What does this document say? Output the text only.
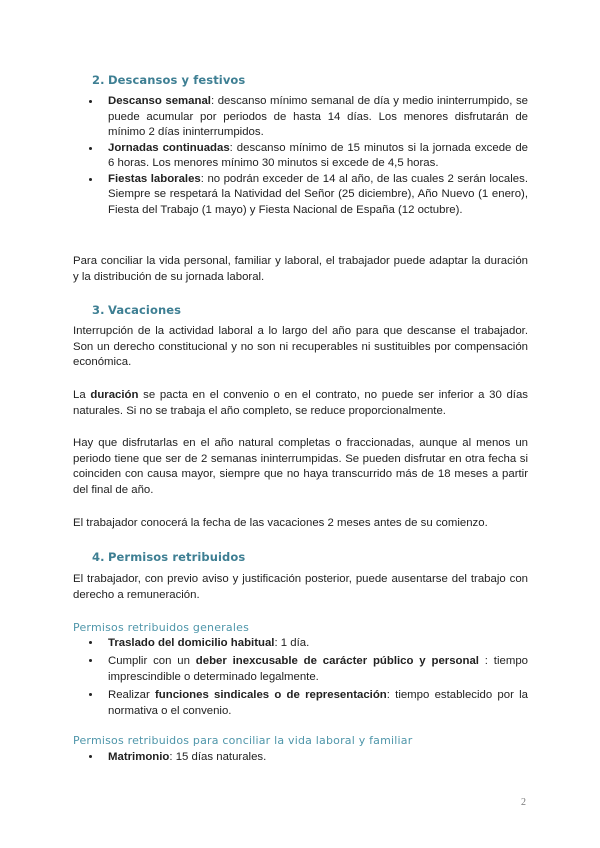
2. Descansos y festivos
Descanso semanal: descanso mínimo semanal de día y medio ininterrumpido, se puede acumular por periodos de hasta 14 días. Los menores disfrutarán de mínimo 2 días ininterrumpidos.
Jornadas continuadas: descanso mínimo de 15 minutos si la jornada excede de 6 horas. Los menores mínimo 30 minutos si excede de 4,5 horas.
Fiestas laborales: no podrán exceder de 14 al año, de las cuales 2 serán locales. Siempre se respetará la Natividad del Señor (25 diciembre), Año Nuevo (1 enero), Fiesta del Trabajo (1 mayo) y Fiesta Nacional de España (12 octubre).

Para conciliar la vida personal, familiar y laboral, el trabajador puede adaptar la duración y la distribución de su jornada laboral.

3. Vacaciones

Interrupción de la actividad laboral a lo largo del año para que descanse el trabajador. Son un derecho constitucional y no son ni recuperables ni sustituibles por compensación económica.

La duración se pacta en el convenio o en el contrato, no puede ser inferior a 30 días naturales. Si no se trabaja el año completo, se reduce proporcionalmente.

Hay que disfrutarlas en el año natural completas o fraccionadas, aunque al menos un periodo tiene que ser de 2 semanas ininterrumpidas. Se pueden disfrutar en otra fecha si coinciden con causa mayor, siempre que no haya transcurrido más de 18 meses a partir del final de año.

El trabajador conocerá la fecha de las vacaciones 2 meses antes de su comienzo.

4. Permisos retribuidos

El trabajador, con previo aviso y justificación posterior, puede ausentarse del trabajo con derecho a remuneración.

Permisos retribuidos generales
Traslado del domicilio habitual: 1 día.
Cumplir con un deber inexcusable de carácter público y personal : tiempo imprescindible o determinado legalmente.
Realizar funciones sindicales o de representación: tiempo establecido por la normativa o el convenio.
Permisos retribuidos para conciliar la vida laboral y familiar
Matrimonio: 15 días naturales.
2
